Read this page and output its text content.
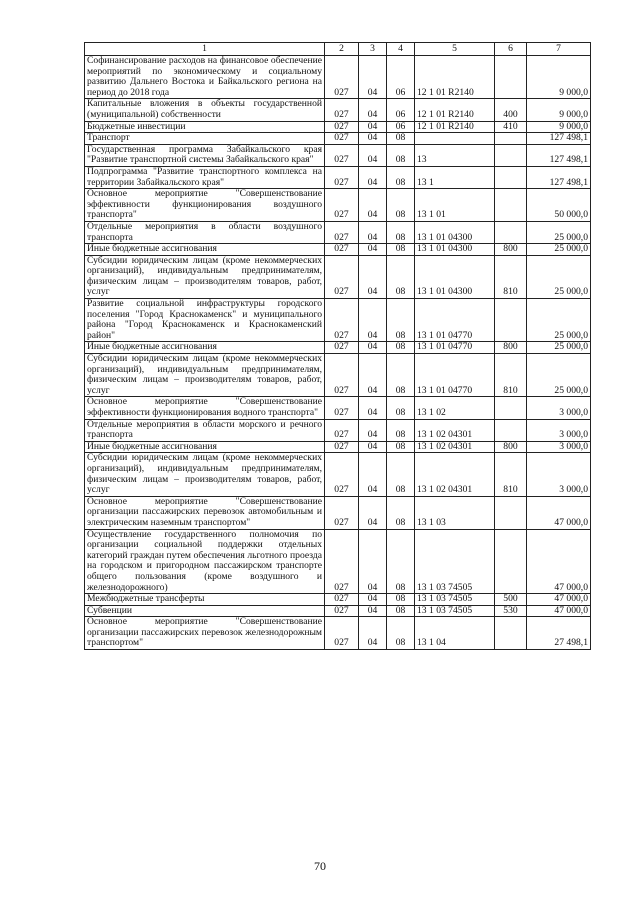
1	2	3	4	5	6	7
Софинансирование расходов на финансовое обеспечение мероприятий по экономическому и социальному развитию Дальнего Востока и Байкальского региона на период до 2018 года	027	04	06	12 1 01 R2140		9 000,0
Капитальные вложения в объекты государственной (муниципальной) собственности	027	04	06	12 1 01 R2140	400	9 000,0
Бюджетные инвестиции	027	04	06	12 1 01 R2140	410	9 000,0
Транспорт	027	04	08			127 498,1
Государственная программа Забайкальского края "Развитие транспортной системы Забайкальского края"	027	04	08	13		127 498,1
Подпрограмма "Развитие транспортного комплекса на территории Забайкальского края"	027	04	08	13 1		127 498,1
Основное мероприятие "Совершенствование эффективности функционирования воздушного транспорта"	027	04	08	13 1 01		50 000,0
Отдельные мероприятия в области воздушного транспорта	027	04	08	13 1 01 04300		25 000,0
Иные бюджетные ассигнования	027	04	08	13 1 01 04300	800	25 000,0
Субсидии юридическим лицам (кроме некоммерческих организаций), индивидуальным предпринимателям, физическим лицам – производителям товаров, работ, услуг	027	04	08	13 1 01 04300	810	25 000,0
Развитие социальной инфраструктуры городского поселения "Город Краснокаменск" и муниципального района "Город Краснокаменск и Краснокаменский район"	027	04	08	13 1 01 04770		25 000,0
Иные бюджетные ассигнования	027	04	08	13 1 01 04770	800	25 000,0
Субсидии юридическим лицам (кроме некоммерческих организаций), индивидуальным предпринимателям, физическим лицам – производителям товаров, работ, услуг	027	04	08	13 1 01 04770	810	25 000,0
Основное мероприятие "Совершенствование эффективности функционирования водного транспорта"	027	04	08	13 1 02		3 000,0
Отдельные мероприятия в области морского и речного транспорта	027	04	08	13 1 02 04301		3 000,0
Иные бюджетные ассигнования	027	04	08	13 1 02 04301	800	3 000,0
Субсидии юридическим лицам (кроме некоммерческих организаций), индивидуальным предпринимателям, физическим лицам – производителям товаров, работ, услуг	027	04	08	13 1 02 04301	810	3 000,0
Основное мероприятие "Совершенствование организации пассажирских перевозок автомобильным и электрическим наземным транспортом"	027	04	08	13 1 03		47 000,0
Осуществление государственного полномочия по организации социальной поддержки отдельных категорий граждан путем обеспечения льготного проезда на городском и пригородном пассажирском транспорте общего пользования (кроме воздушного и железнодорожного)	027	04	08	13 1 03 74505		47 000,0
Межбюджетные трансферты	027	04	08	13 1 03 74505	500	47 000,0
Субвенции	027	04	08	13 1 03 74505	530	47 000,0
Основное мероприятие "Совершенствование организации пассажирских перевозок железнодорожным транспортом"	027	04	08	13 1 04		27 498,1
70
